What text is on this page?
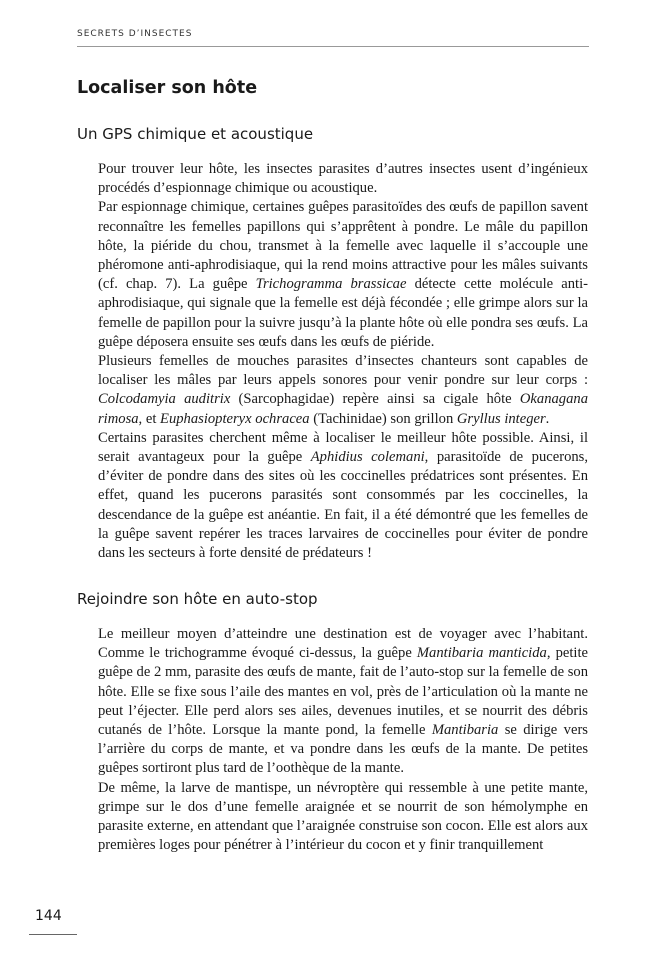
SECRETS D’INSECTES
Localiser son hôte
Un GPS chimique et acoustique

Pour trouver leur hôte, les insectes parasites d’autres insectes usent d’ingénieux procédés d’espionnage chimique ou acoustique.

Par espionnage chimique, certaines guêpes parasitoïdes des œufs de papillon savent reconnaître les femelles papillons qui s’apprêtent à pondre. Le mâle du papillon hôte, la piéride du chou, transmet à la femelle avec laquelle il s’accouple une phéromone anti-aphrodisiaque, qui la rend moins attractive pour les mâles suivants (cf. chap. 7). La guêpe Trichogramma brassicae détecte cette molécule anti-aphrodisiaque, qui signale que la femelle est déjà fécondée ; elle grimpe alors sur la femelle de papillon pour la suivre jusqu’à la plante hôte où elle pondra ses œufs. La guêpe déposera ensuite ses œufs dans les œufs de piéride.

Plusieurs femelles de mouches parasites d’insectes chanteurs sont capables de localiser les mâles par leurs appels sonores pour venir pondre sur leur corps : Colcodamyia auditrix (Sarcophagidae) repère ainsi sa cigale hôte Okanagana rimosa, et Euphasiopteryx ochracea (Tachinidae) son grillon Gryllus integer.

Certains parasites cherchent même à localiser le meilleur hôte possible. Ainsi, il serait avantageux pour la guêpe Aphidius colemani, parasitoïde de pucerons, d’éviter de pondre dans des sites où les coccinelles prédatrices sont présentes. En effet, quand les pucerons parasités sont consommés par les coccinelles, la descendance de la guêpe est anéantie. En fait, il a été démontré que les femelles de la guêpe savent repérer les traces larvaires de coccinelles pour éviter de pondre dans les secteurs à forte densité de prédateurs !

Rejoindre son hôte en auto-stop

Le meilleur moyen d’atteindre une destination est de voyager avec l’habitant. Comme le trichogramme évoqué ci-dessus, la guêpe Mantibaria manticida, petite guêpe de 2 mm, parasite des œufs de mante, fait de l’auto-stop sur la femelle de son hôte. Elle se fixe sous l’aile des mantes en vol, près de l’articulation où la mante ne peut l’éjecter. Elle perd alors ses ailes, devenues inutiles, et se nourrit des débris cutanés de l’hôte. Lorsque la mante pond, la femelle Mantibaria se dirige vers l’arrière du corps de mante, et va pondre dans les œufs de la mante. De petites guêpes sortiront plus tard de l’oothèque de la mante.

De même, la larve de mantispe, un névroptère qui ressemble à une petite mante, grimpe sur le dos d’une femelle araignée et se nourrit de son hémolymphe en parasite externe, en attendant que l’araignée construise son cocon. Elle est alors aux premières loges pour pénétrer à l’intérieur du cocon et y finir tranquillement

144
